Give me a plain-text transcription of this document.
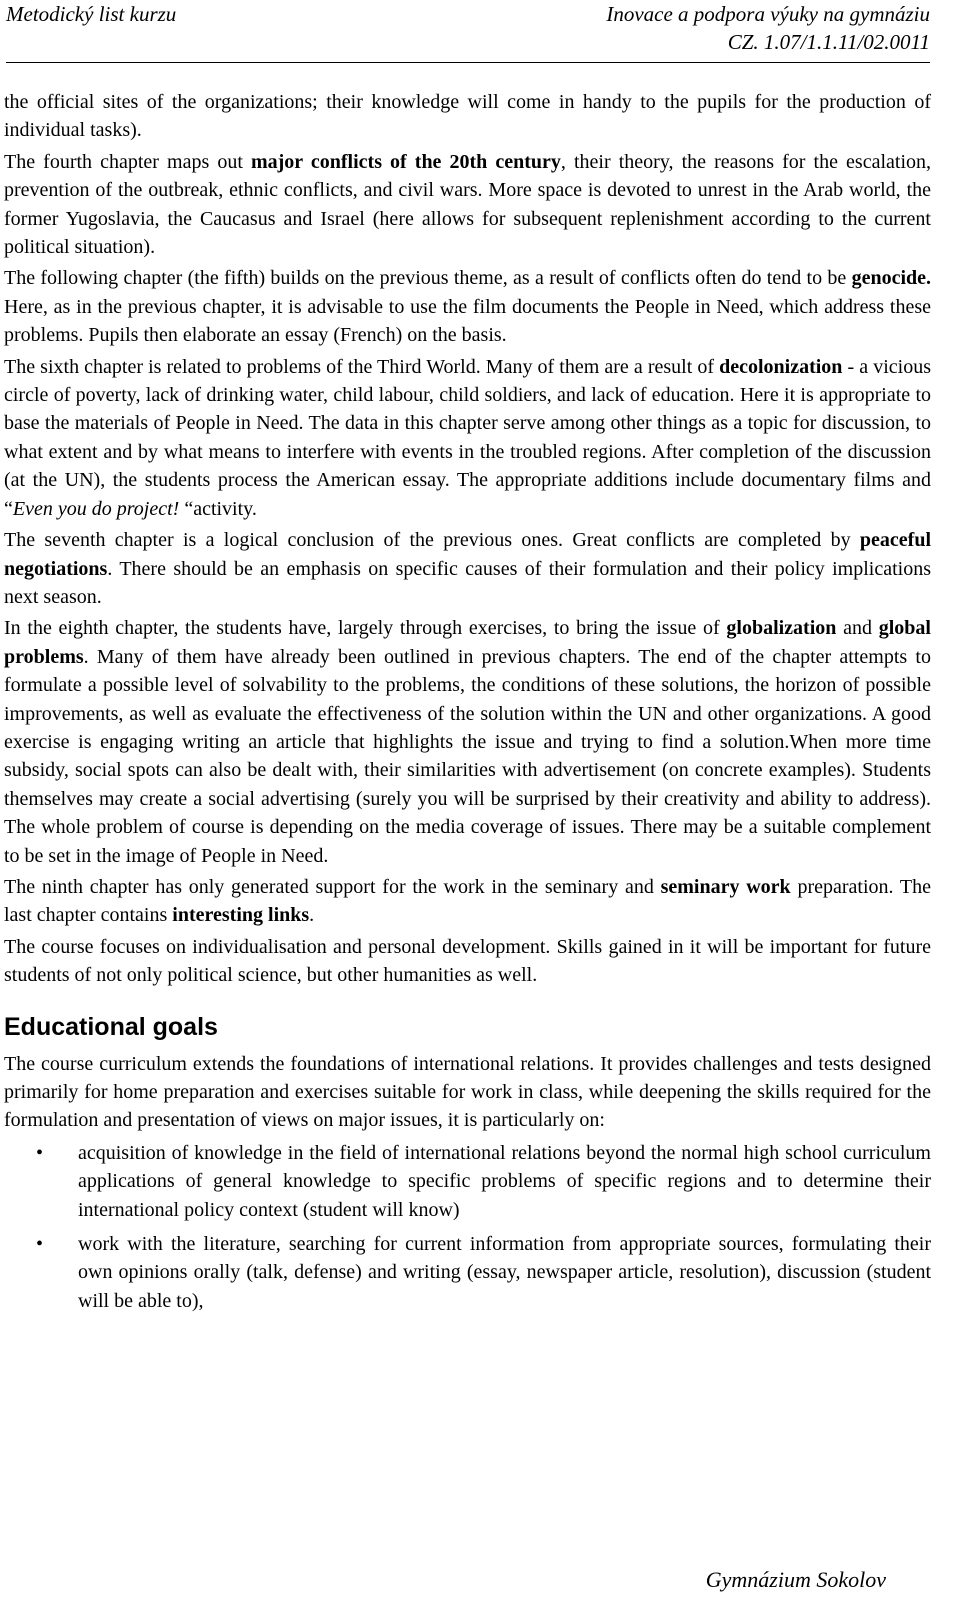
Metodický list kurzu	Inovace a podpora výuky na gymnáziu
CZ. 1.07/1.1.11/02.0011

the official sites of the organizations; their knowledge will come in handy to the pupils for the production of individual tasks).

The fourth chapter maps out major conflicts of the 20th century, their theory, the reasons for the escalation, prevention of the outbreak, ethnic conflicts, and civil wars. More space is devoted to unrest in the Arab world, the former Yugoslavia, the Caucasus and Israel (here allows for subsequent replenishment according to the current political situation).

The following chapter (the fifth) builds on the previous theme, as a result of conflicts often do tend to be genocide. Here, as in the previous chapter, it is advisable to use the film documents the People in Need, which address these problems. Pupils then elaborate an essay (French) on the basis.

The sixth chapter is related to problems of the Third World. Many of them are a result of decolonization - a vicious circle of poverty, lack of drinking water, child labour, child soldiers, and lack of education. Here it is appropriate to base the materials of People in Need. The data in this chapter serve among other things as a topic for discussion, to what extent and by what means to interfere with events in the troubled regions. After completion of the discussion (at the UN), the students process the American essay. The appropriate additions include documentary films and “Even you do project! “activity.

The seventh chapter is a logical conclusion of the previous ones. Great conflicts are completed by peaceful negotiations. There should be an emphasis on specific causes of their formulation and their policy implications next season.

In the eighth chapter, the students have, largely through exercises, to bring the issue of globalization and global problems. Many of them have already been outlined in previous chapters. The end of the chapter attempts to formulate a possible level of solvability to the problems, the conditions of these solutions, the horizon of possible improvements, as well as evaluate the effectiveness of the solution within the UN and other organizations. A good exercise is engaging writing an article that highlights the issue and trying to find a solution.When more time subsidy, social spots can also be dealt with, their similarities with advertisement (on concrete examples). Students themselves may create a social advertising (surely you will be surprised by their creativity and ability to address). The whole problem of course is depending on the media coverage of issues. There may be a suitable complement to be set in the image of People in Need.

The ninth chapter has only generated support for the work in the seminary and seminary work preparation. The last chapter contains interesting links.

The course focuses on individualisation and personal development. Skills gained in it will be important for future students of not only political science, but other humanities as well.

Educational goals

The course curriculum extends the foundations of international relations. It provides challenges and tests designed primarily for home preparation and exercises suitable for work in class, while deepening the skills required for the formulation and presentation of views on major issues, it is particularly on:

• acquisition of knowledge in the field of international relations beyond the normal high school curriculum applications of general knowledge to specific problems of specific regions and to determine their international policy context (student will know)
• work with the literature, searching for current information from appropriate sources, formulating their own opinions orally (talk, defense) and writing (essay, newspaper article, resolution), discussion (student will be able to),
Gymnázium Sokolov
